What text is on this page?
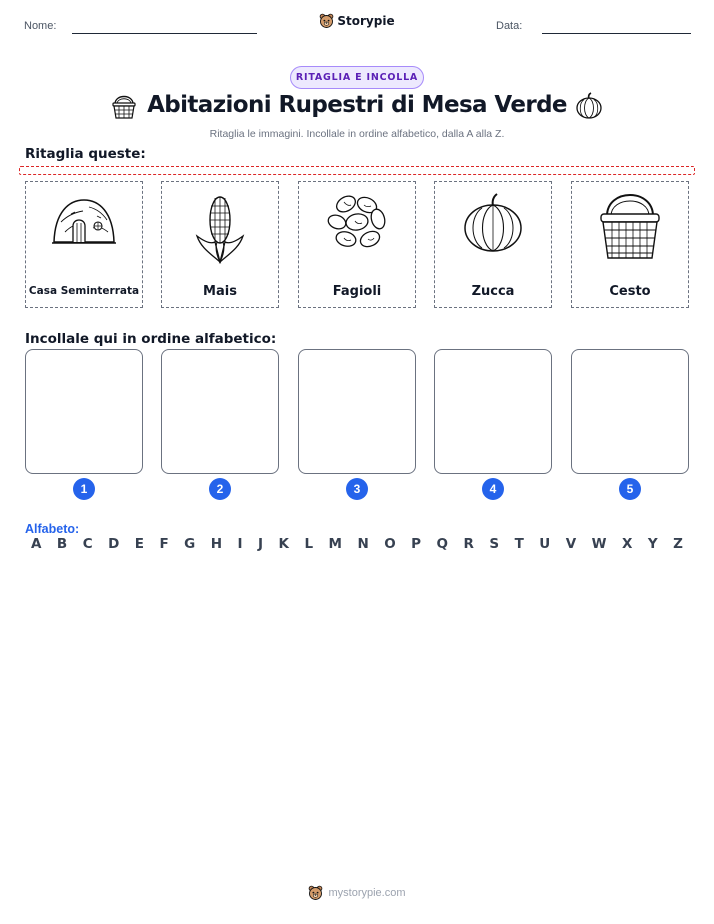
Nome:	Storypie	Data:
RITAGLIA E INCOLLA
Abitazioni Rupestri di Mesa Verde
Ritaglia le immagini. Incollale in ordine alfabetico, dalla A alla Z.
Ritaglia queste:
Casa Seminterrata	Mais	Fagioli	Zucca	Cesto
Incollale qui in ordine alfabetico:
1	2	3	4	5
Alfabeto:
A B C D E F G H I J K L M N O P Q R S T U V W X Y Z
mystorypie.com
